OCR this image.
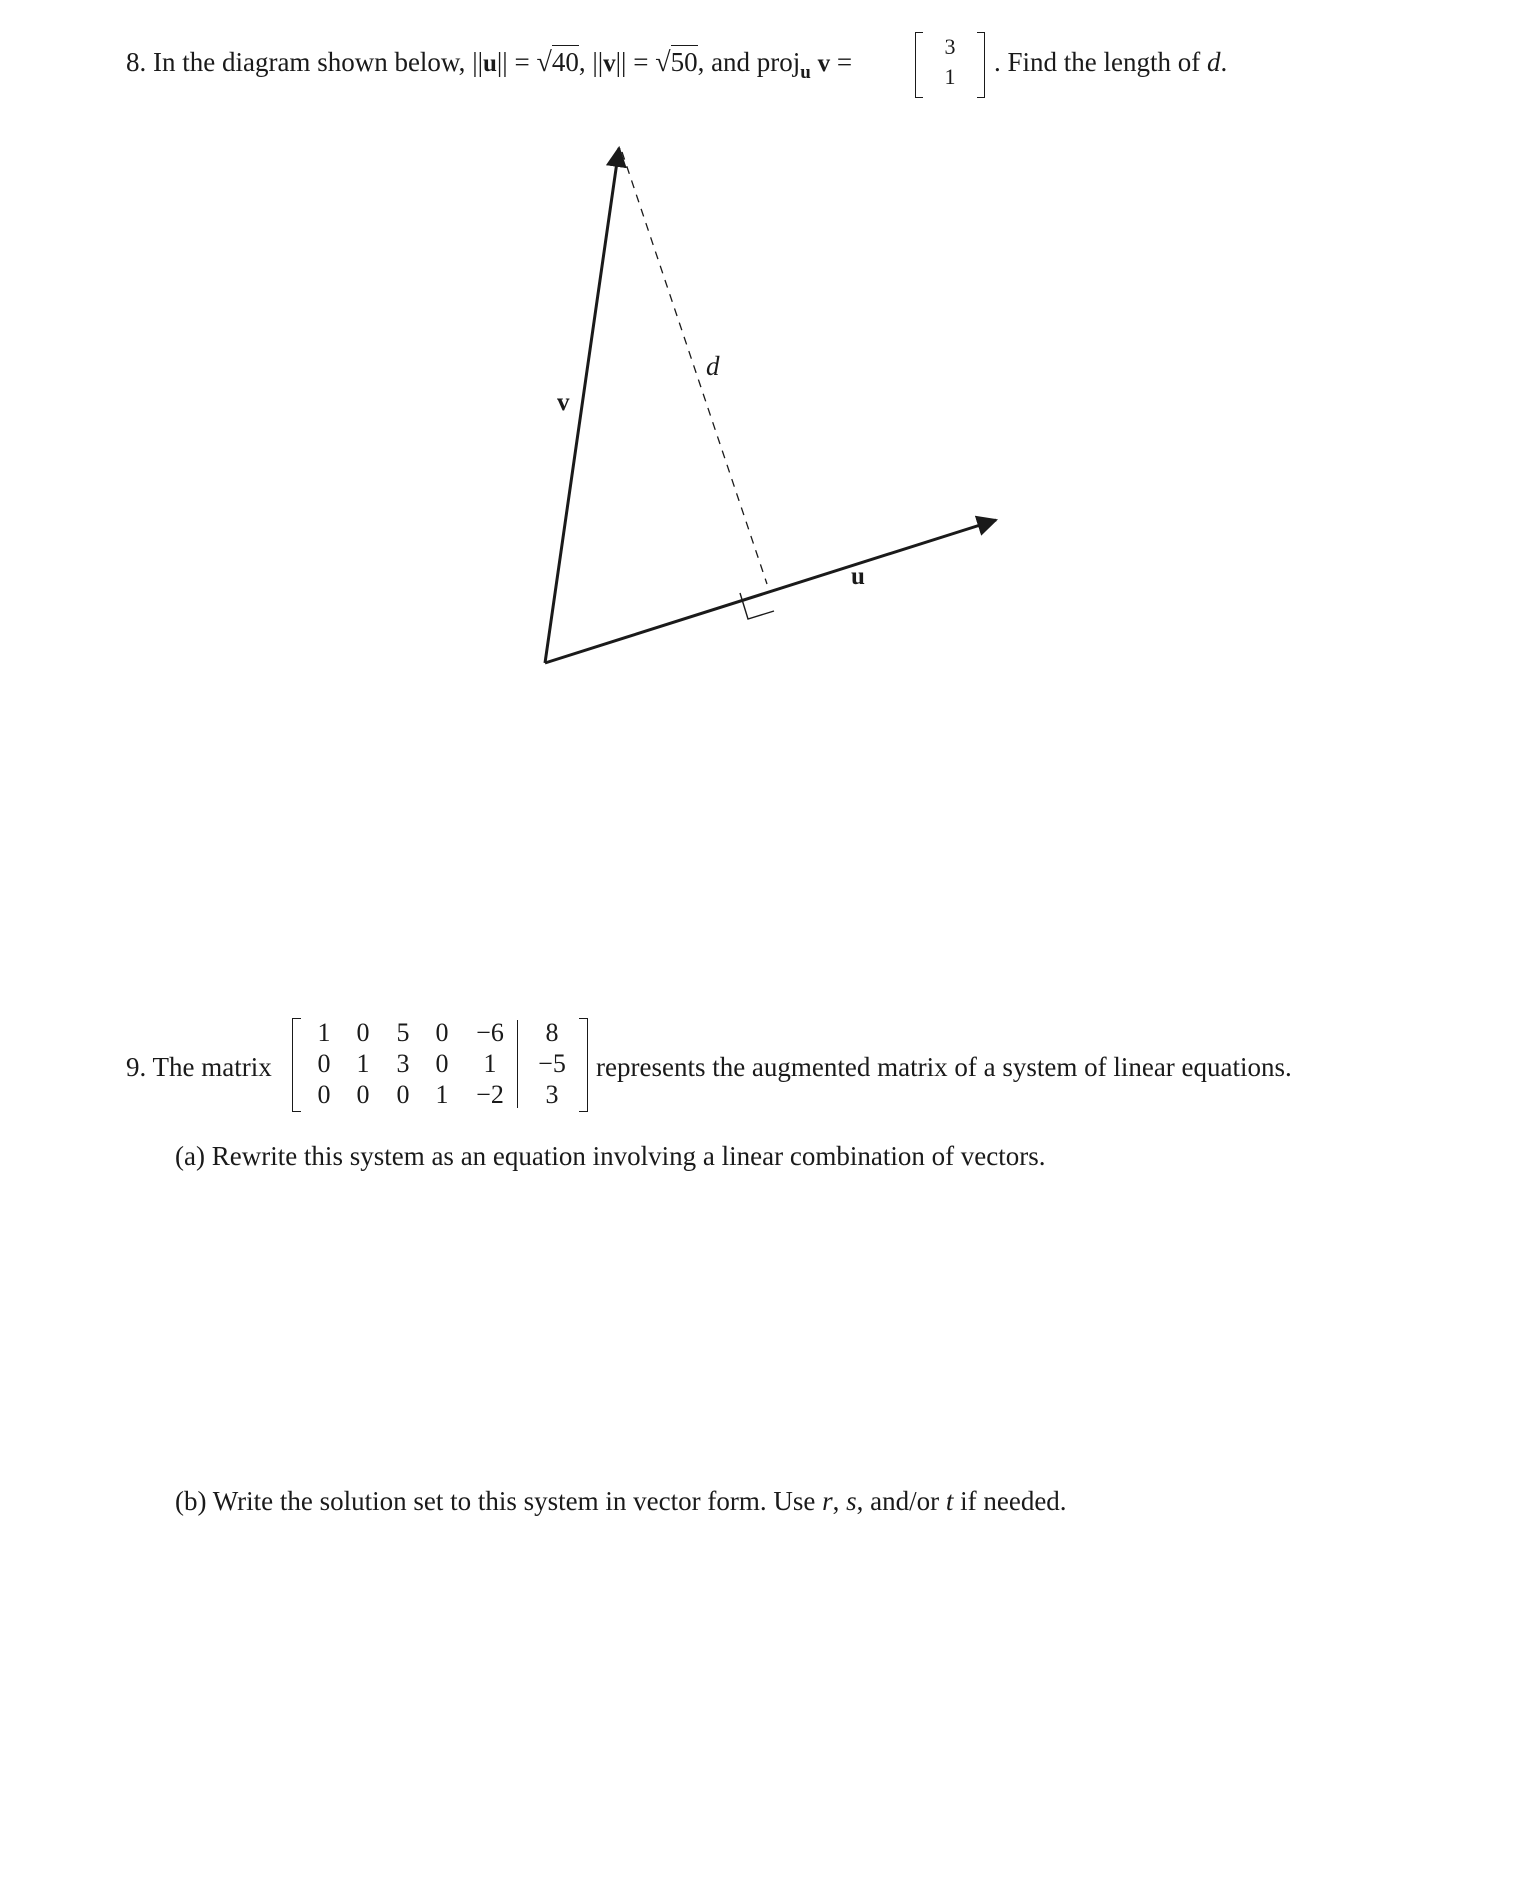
8. In the diagram shown below, ||u|| = √40, ||v|| = √50, and proj$_u$ v =
3
1	. Find the length of d.
v
u
d
9. The matrix
1	0	5	0	−6	8
0	1	3	0	1	−5
0	0	0	1	−2	3
represents the augmented matrix of a system of linear equations.
(a) Rewrite this system as an equation involving a linear combination of vectors.
(b) Write the solution set to this system in vector form. Use r, s, and/or t if needed.
